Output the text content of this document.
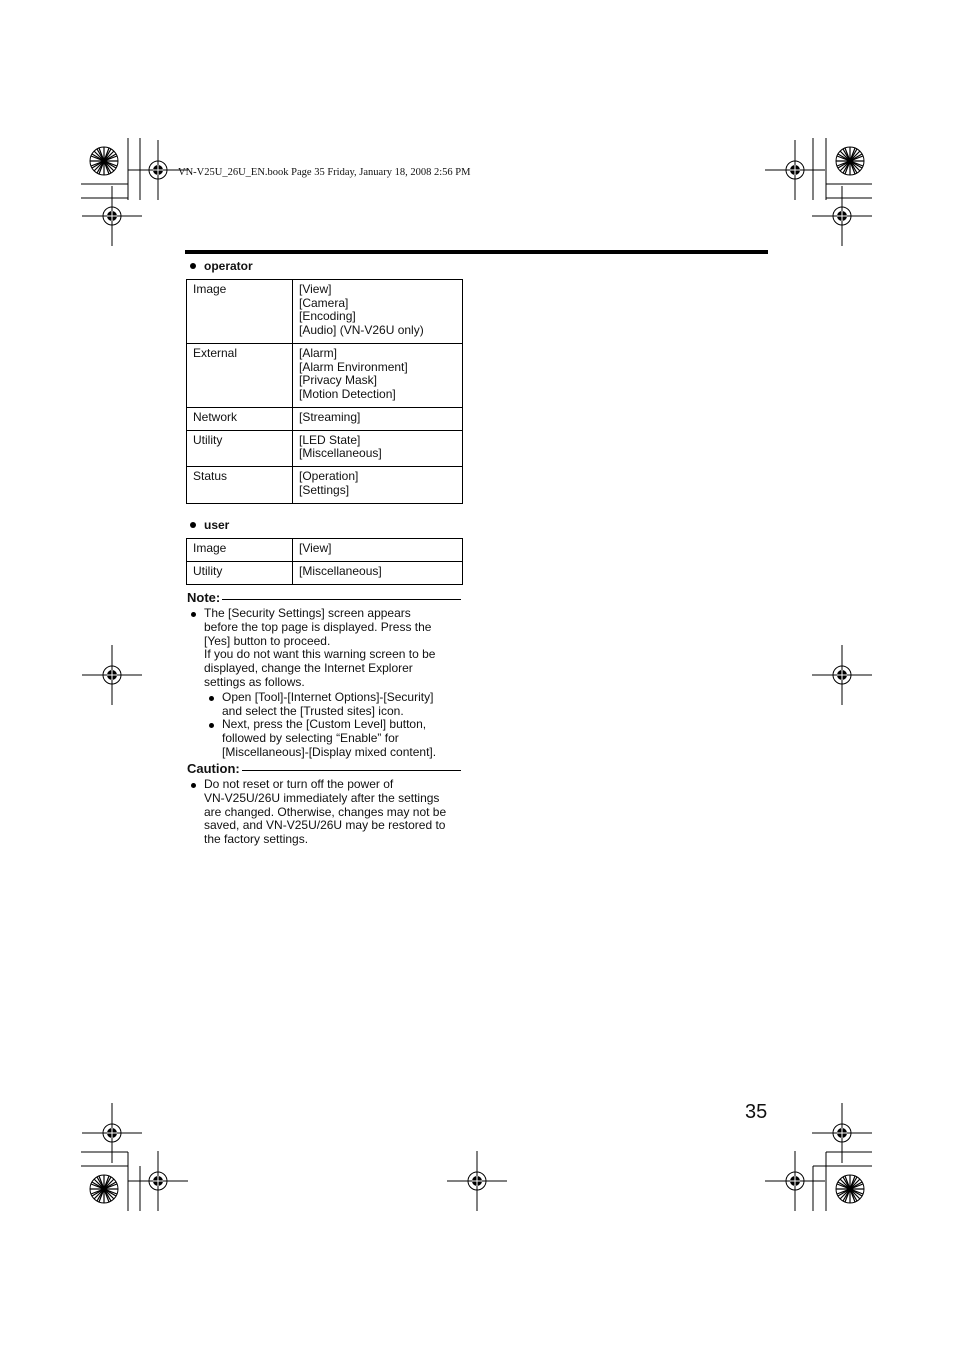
VN-V25U_26U_EN.book Page 35 Friday, January 18, 2008 2:56 PM
operator
Image	[View]
[Camera]
[Encoding]
[Audio] (VN-V26U only)

External	[Alarm]
[Alarm Environment]
[Privacy Mask]
[Motion Detection]

Network	[Streaming]

Utility	[LED State]
[Miscellaneous]

Status	[Operation]
[Settings]
user
Image	[View]

Utility	[Miscellaneous]
Note:
The [Security Settings] screen appears
before the top page is displayed. Press the
[Yes] button to proceed.
If you do not want this warning screen to be
displayed, change the Internet Explorer
settings as follows.
Open [Tool]-[Internet Options]-[Security]
and select the [Trusted sites] icon.
Next, press the [Custom Level] button,
followed by selecting “Enable” for
[Miscellaneous]-[Display mixed content].
Caution:
Do not reset or turn off the power of
VN-V25U/26U immediately after the settings
are changed. Otherwise, changes may not be
saved, and VN-V25U/26U may be restored to
the factory settings.
35
